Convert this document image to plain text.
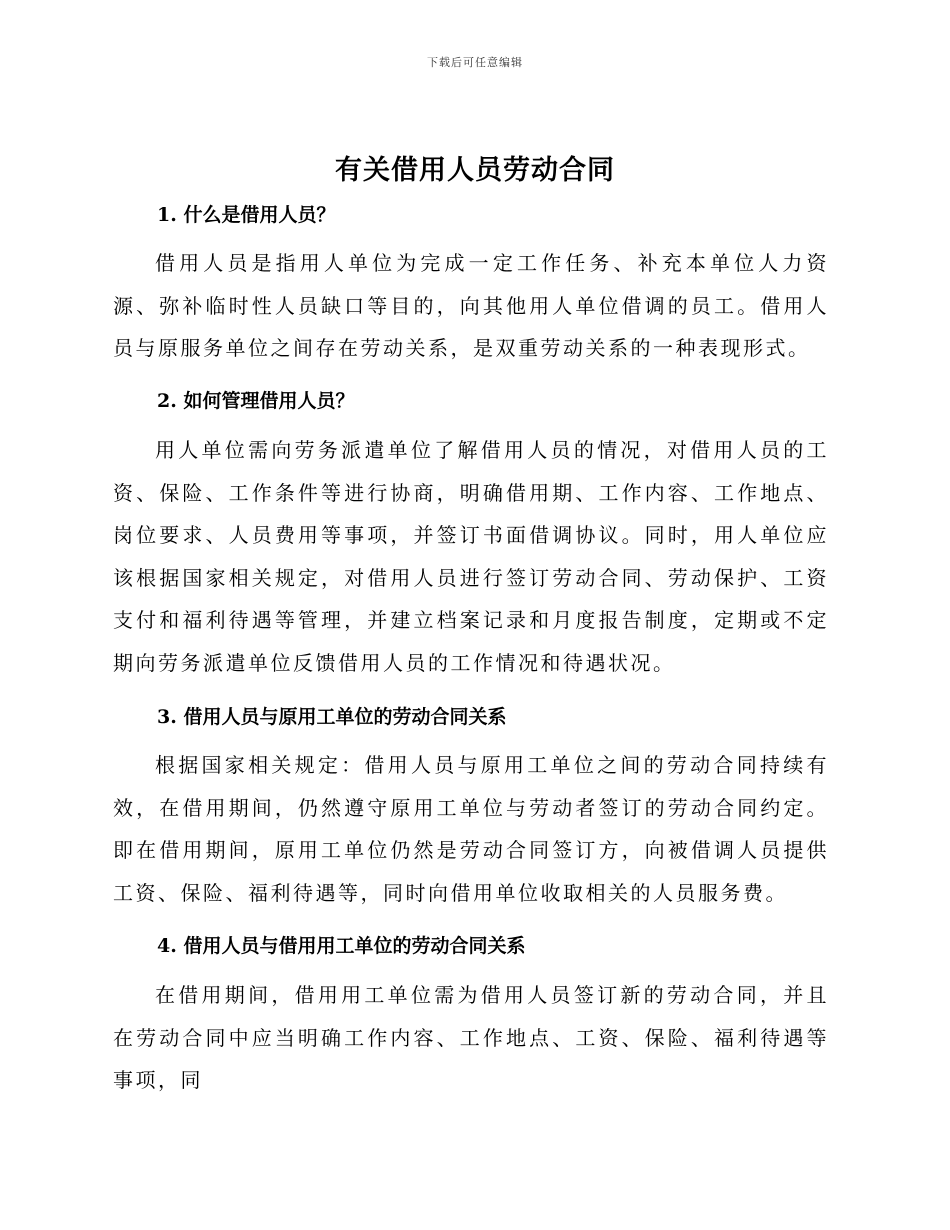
下载后可任意编辑
有关借用人员劳动合同
1. 什么是借用人员？

借用人员是指用人单位为完成一定工作任务、补充本单位人力资源、弥补临时性人员缺口等目的，向其他用人单位借调的员工。借用人员与原服务单位之间存在劳动关系，是双重劳动关系的一种表现形式。

2. 如何管理借用人员？

用人单位需向劳务派遣单位了解借用人员的情况，对借用人员的工资、保险、工作条件等进行协商，明确借用期、工作内容、工作地点、岗位要求、人员费用等事项，并签订书面借调协议。同时，用人单位应该根据国家相关规定，对借用人员进行签订劳动合同、劳动保护、工资支付和福利待遇等管理，并建立档案记录和月度报告制度，定期或不定期向劳务派遣单位反馈借用人员的工作情况和待遇状况。

3. 借用人员与原用工单位的劳动合同关系

根据国家相关规定：借用人员与原用工单位之间的劳动合同持续有效，在借用期间，仍然遵守原用工单位与劳动者签订的劳动合同约定。即在借用期间，原用工单位仍然是劳动合同签订方，向被借调人员提供工资、保险、福利待遇等，同时向借用单位收取相关的人员服务费。

4. 借用人员与借用用工单位的劳动合同关系

在借用期间，借用用工单位需为借用人员签订新的劳动合同，并且在劳动合同中应当明确工作内容、工作地点、工资、保险、福利待遇等事项，同
